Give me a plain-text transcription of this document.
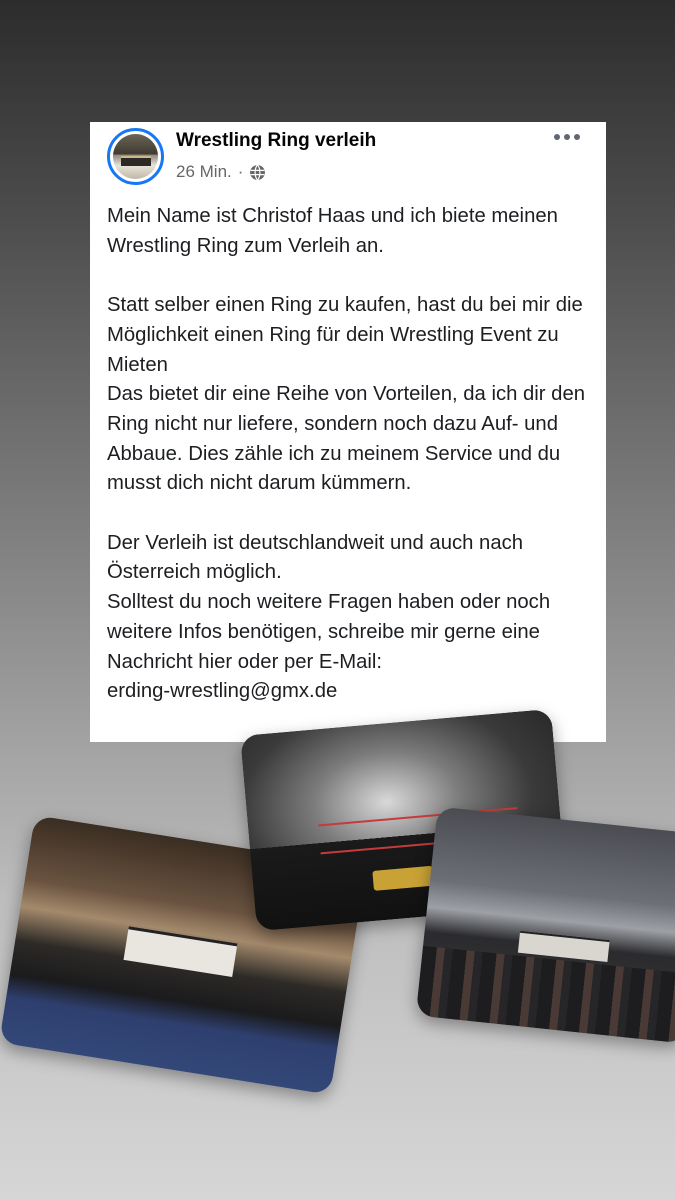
Wrestling Ring verleih
26 Min. ·

Mein Name ist Christof Haas und ich biete meinen Wrestling Ring zum Verleih an.

Statt selber einen Ring zu kaufen, hast du bei mir die Möglichkeit einen Ring für dein Wrestling Event zu Mieten

Das bietet dir eine Reihe von Vorteilen, da ich dir den Ring nicht nur liefere, sondern noch dazu Auf- und Abbaue. Dies zähle ich zu meinem Service und du musst dich nicht darum kümmern.

Der Verleih ist deutschlandweit und auch nach Österreich möglich.

Solltest du noch weitere Fragen haben oder noch weitere Infos benötigen, schreibe mir gerne eine Nachricht hier oder per E-Mail:

erding-wrestling@gmx.de
